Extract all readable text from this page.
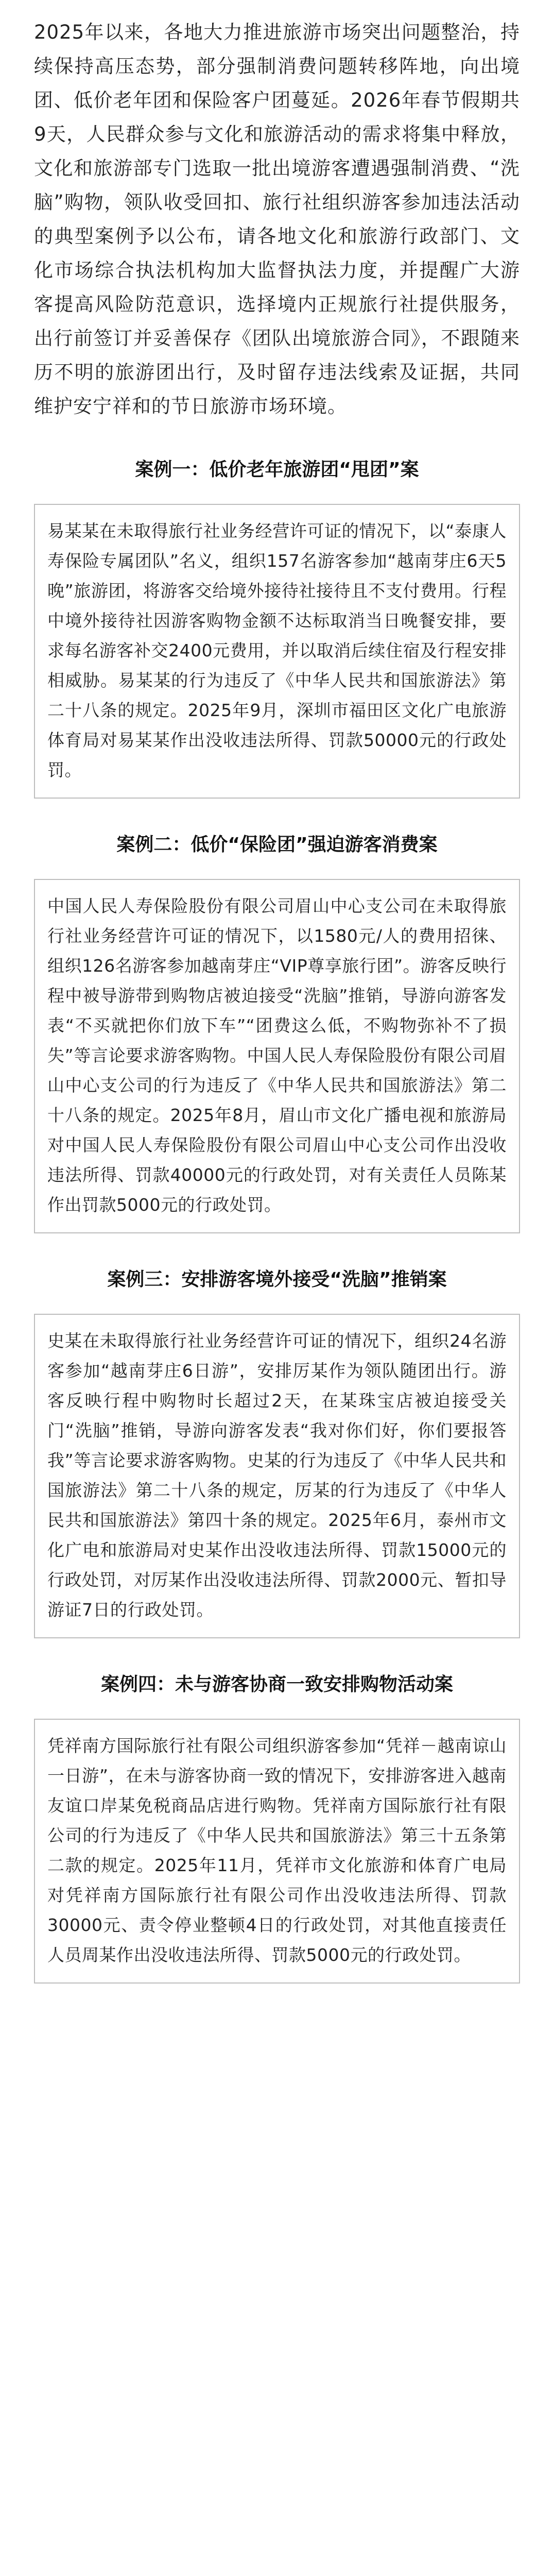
2025年以来，各地大力推进旅游市场突出问题整治，持续保持高压态势，部分强制消费问题转移阵地，向出境团、低价老年团和保险客户团蔓延。2026年春节假期共9天，人民群众参与文化和旅游活动的需求将集中释放，文化和旅游部专门选取一批出境游客遭遇强制消费、“洗脑”购物，领队收受回扣、旅行社组织游客参加违法活动的典型案例予以公布，请各地文化和旅游行政部门、文化市场综合执法机构加大监督执法力度，并提醒广大游客提高风险防范意识，选择境内正规旅行社提供服务，出行前签订并妥善保存《团队出境旅游合同》，不跟随来历不明的旅游团出行，及时留存违法线索及证据，共同维护安宁祥和的节日旅游市场环境。

案例一：低价老年旅游团“甩团”案

易某某在未取得旅行社业务经营许可证的情况下，以“泰康人寿保险专属团队”名义，组织157名游客参加“越南芽庄6天5晚”旅游团，将游客交给境外接待社接待且不支付费用。行程中境外接待社因游客购物金额不达标取消当日晚餐安排，要求每名游客补交2400元费用，并以取消后续住宿及行程安排相威胁。易某某的行为违反了《中华人民共和国旅游法》第二十八条的规定。2025年9月，深圳市福田区文化广电旅游体育局对易某某作出没收违法所得、罚款50000元的行政处罚。

案例二：低价“保险团”强迫游客消费案

中国人民人寿保险股份有限公司眉山中心支公司在未取得旅行社业务经营许可证的情况下，以1580元/人的费用招徕、组织126名游客参加越南芽庄“VIP尊享旅行团”。游客反映行程中被导游带到购物店被迫接受“洗脑”推销，导游向游客发表“不买就把你们放下车”“团费这么低，不购物弥补不了损失”等言论要求游客购物。中国人民人寿保险股份有限公司眉山中心支公司的行为违反了《中华人民共和国旅游法》第二十八条的规定。2025年8月，眉山市文化广播电视和旅游局对中国人民人寿保险股份有限公司眉山中心支公司作出没收违法所得、罚款40000元的行政处罚，对有关责任人员陈某作出罚款5000元的行政处罚。

案例三：安排游客境外接受“洗脑”推销案

史某在未取得旅行社业务经营许可证的情况下，组织24名游客参加“越南芽庄6日游”，安排厉某作为领队随团出行。游客反映行程中购物时长超过2天，在某珠宝店被迫接受关门“洗脑”推销，导游向游客发表“我对你们好，你们要报答我”等言论要求游客购物。史某的行为违反了《中华人民共和国旅游法》第二十八条的规定，厉某的行为违反了《中华人民共和国旅游法》第四十条的规定。2025年6月，泰州市文化广电和旅游局对史某作出没收违法所得、罚款15000元的行政处罚，对厉某作出没收违法所得、罚款2000元、暂扣导游证7日的行政处罚。

案例四：未与游客协商一致安排购物活动案

凭祥南方国际旅行社有限公司组织游客参加“凭祥－越南谅山一日游”，在未与游客协商一致的情况下，安排游客进入越南友谊口岸某免税商品店进行购物。凭祥南方国际旅行社有限公司的行为违反了《中华人民共和国旅游法》第三十五条第二款的规定。2025年11月，凭祥市文化旅游和体育广电局对凭祥南方国际旅行社有限公司作出没收违法所得、罚款30000元、责令停业整顿4日的行政处罚，对其他直接责任人员周某作出没收违法所得、罚款5000元的行政处罚。
